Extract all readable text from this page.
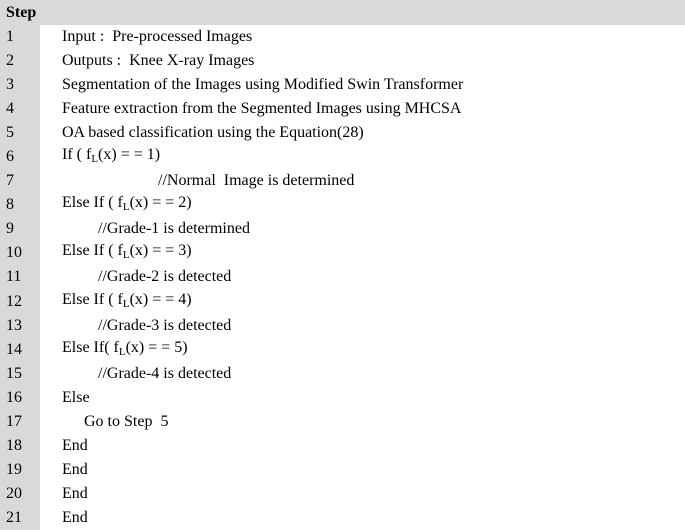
Step
1	Input :  Pre-processed Images
2	Outputs :  Knee X-ray Images
3	Segmentation of the Images using Modified Swin Transformer
4	Feature extraction from the Segmented Images using MHCSA
5	OA based classification using the Equation(28)
6	If ( $f_L(x)$ = = 1)
7	//Normal  Image is determined
8	Else If ( $f_L(x)$ = = 2)
9	//Grade-1 is determined
10	Else If ( $f_L(x)$ = = 3)
11	//Grade-2 is detected
12	Else If ( $f_L(x)$ = = 4)
13	//Grade-3 is detected
14	Else If( $f_L(x)$ = = 5)
15	//Grade-4 is detected
16	Else
17	Go to Step  5
18	End
19	End
20	End
21	End
